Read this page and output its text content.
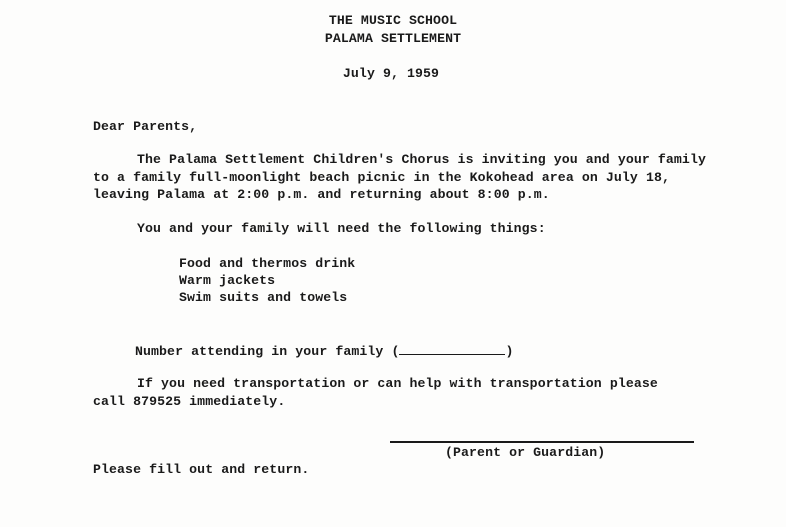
THE MUSIC SCHOOL
PALAMA SETTLEMENT
July 9, 1959
Dear Parents,
The Palama Settlement Children's Chorus is inviting you and your family
to a family full-moonlight beach picnic in the Kokohead area on July 18,
leaving Palama at 2:00 p.m. and returning about 8:00 p.m.
You and your family will need the following things:
Food and thermos drink
Warm jackets
Swim suits and towels
Number attending in your family (	)
If you need transportation or can help with transportation please
call 879525 immediately.
(Parent or Guardian)
Please fill out and return.
